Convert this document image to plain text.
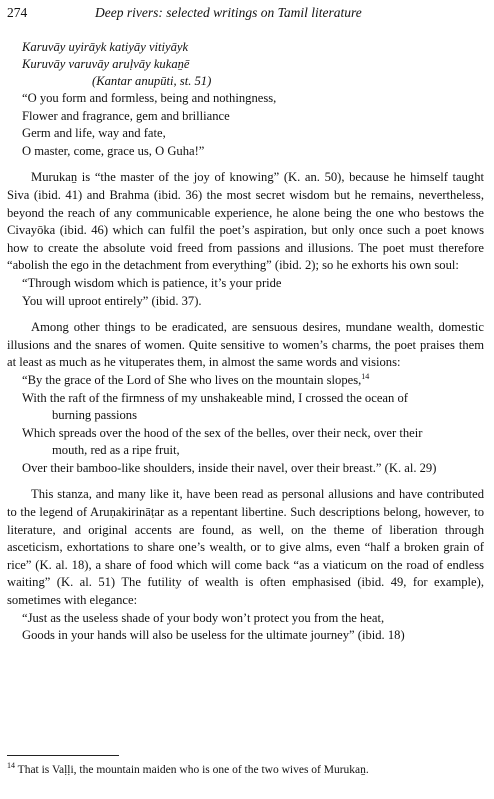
274	Deep rivers: selected writings on Tamil literature
Karuvāy uyirāyk katiyāy vitiyāyk
Kuruvāy varuvāy aruḷvāy kukaṉē
(Kantar anupūti, st. 51)
“O you form and formless, being and nothingness,
Flower and fragrance, gem and brilliance
Germ and life, way and fate,
O master, come, grace us, O Guha!”

Murukaṉ is “the master of the joy of knowing” (K. an. 50), because he himself taught Siva (ibid. 41) and Brahma (ibid. 36) the most secret wisdom but he remains, nevertheless, beyond the reach of any communicable experience, he alone being the one who bestows the Civayōka (ibid. 46) which can fulfil the poet’s aspiration, but only once such a poet knows how to create the absolute void freed from passions and illusions. The poet must therefore “abolish the ego in the detachment from everything” (ibid. 2); so he exhorts his own soul:

“Through wisdom which is patience, it’s your pride
You will uproot entirely” (ibid. 37).

Among other things to be eradicated, are sensuous desires, mundane wealth, domestic illusions and the snares of women. Quite sensitive to women’s charms, the poet praises them at least as much as he vituperates them, in almost the same words and visions:

“By the grace of the Lord of She who lives on the mountain slopes,$^{14}$
With the raft of the firmness of my unshakeable mind, I crossed the ocean of
burning passions
Which spreads over the hood of the sex of the belles, over their neck, over their
mouth, red as a ripe fruit,
Over their bamboo-like shoulders, inside their navel, over their breast.” (K. al. 29)

This stanza, and many like it, have been read as personal allusions and have contributed to the legend of Aruṇakirināṭar as a repentant libertine. Such descriptions belong, however, to literature, and original accents are found, as well, on the theme of liberation through asceticism, exhortations to share one’s wealth, or to give alms, even “half a broken grain of rice” (K. al. 18), a share of food which will come back “as a viaticum on the road of endless waiting” (K. al. 51) The futility of wealth is often emphasised (ibid. 49, for example), sometimes with elegance:

“Just as the useless shade of your body won’t protect you from the heat,
Goods in your hands will also be useless for the ultimate journey” (ibid. 18)
$^{14}$ That is Vaḷḷi, the mountain maiden who is one of the two wives of Murukaṉ.
